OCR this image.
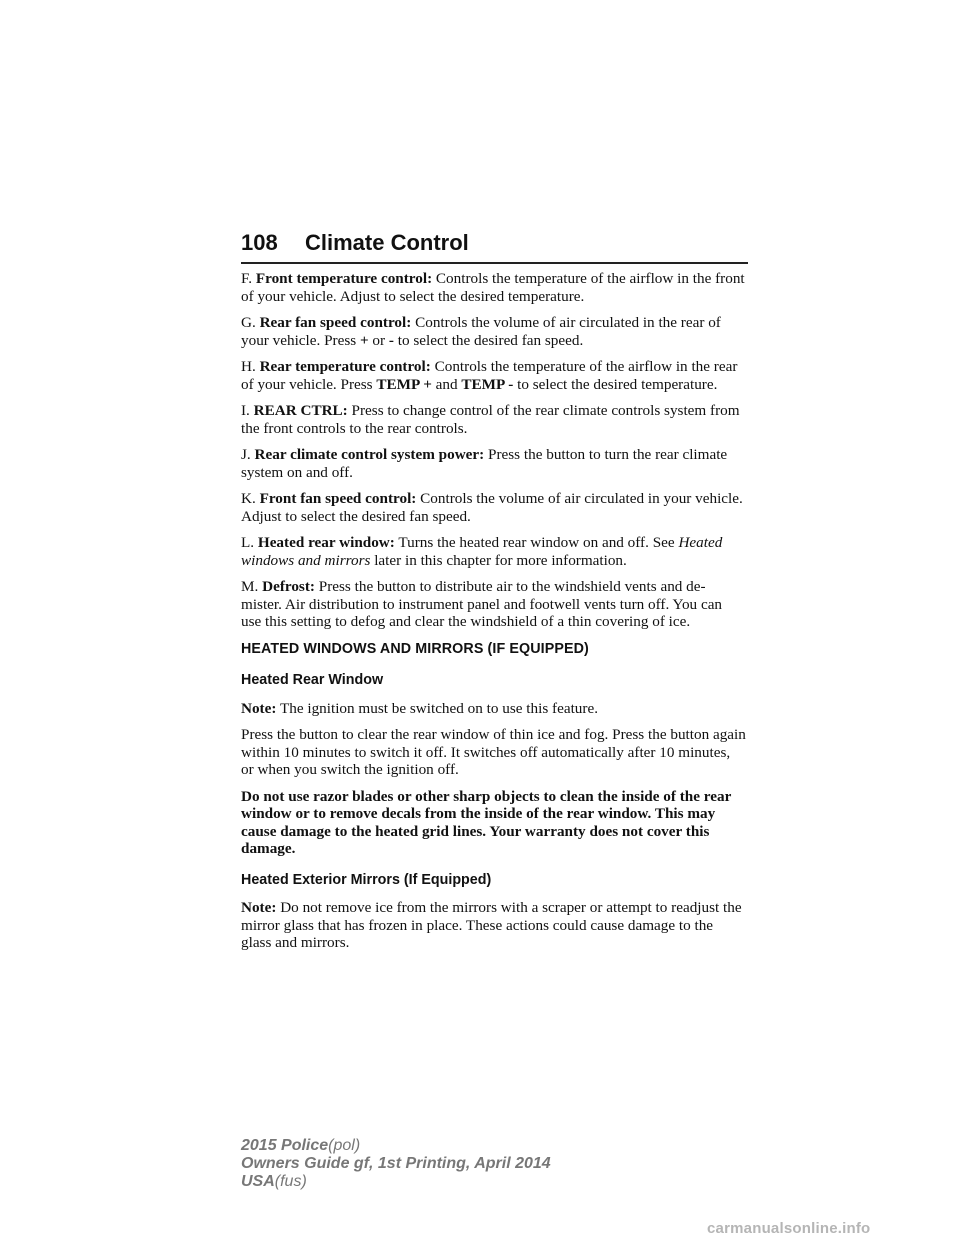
108 Climate Control

F. Front temperature control: Controls the temperature of the airflow in the front of your vehicle. Adjust to select the desired temperature.

G. Rear fan speed control: Controls the volume of air circulated in the rear of your vehicle. Press + or - to select the desired fan speed.

H. Rear temperature control: Controls the temperature of the airflow in the rear of your vehicle. Press TEMP + and TEMP - to select the desired temperature.

I. REAR CTRL: Press to change control of the rear climate controls system from the front controls to the rear controls.

J. Rear climate control system power: Press the button to turn the rear climate system on and off.

K. Front fan speed control: Controls the volume of air circulated in your vehicle. Adjust to select the desired fan speed.

L. Heated rear window: Turns the heated rear window on and off. See Heated windows and mirrors later in this chapter for more information.

M. Defrost: Press the button to distribute air to the windshield vents and de-mister. Air distribution to instrument panel and footwell vents turn off. You can use this setting to defog and clear the windshield of a thin covering of ice.

HEATED WINDOWS AND MIRRORS (IF EQUIPPED)
Heated Rear Window

Note: The ignition must be switched on to use this feature.

Press the button to clear the rear window of thin ice and fog. Press the button again within 10 minutes to switch it off. It switches off automatically after 10 minutes, or when you switch the ignition off.

Do not use razor blades or other sharp objects to clean the inside of the rear window or to remove decals from the inside of the rear window. This may cause damage to the heated grid lines. Your warranty does not cover this damage.

Heated Exterior Mirrors (If Equipped)

Note: Do not remove ice from the mirrors with a scraper or attempt to readjust the mirror glass that has frozen in place. These actions could cause damage to the glass and mirrors.

2015 Police(pol)
Owners Guide gf, 1st Printing, April 2014
USA(fus)
carmanualsonline.info
